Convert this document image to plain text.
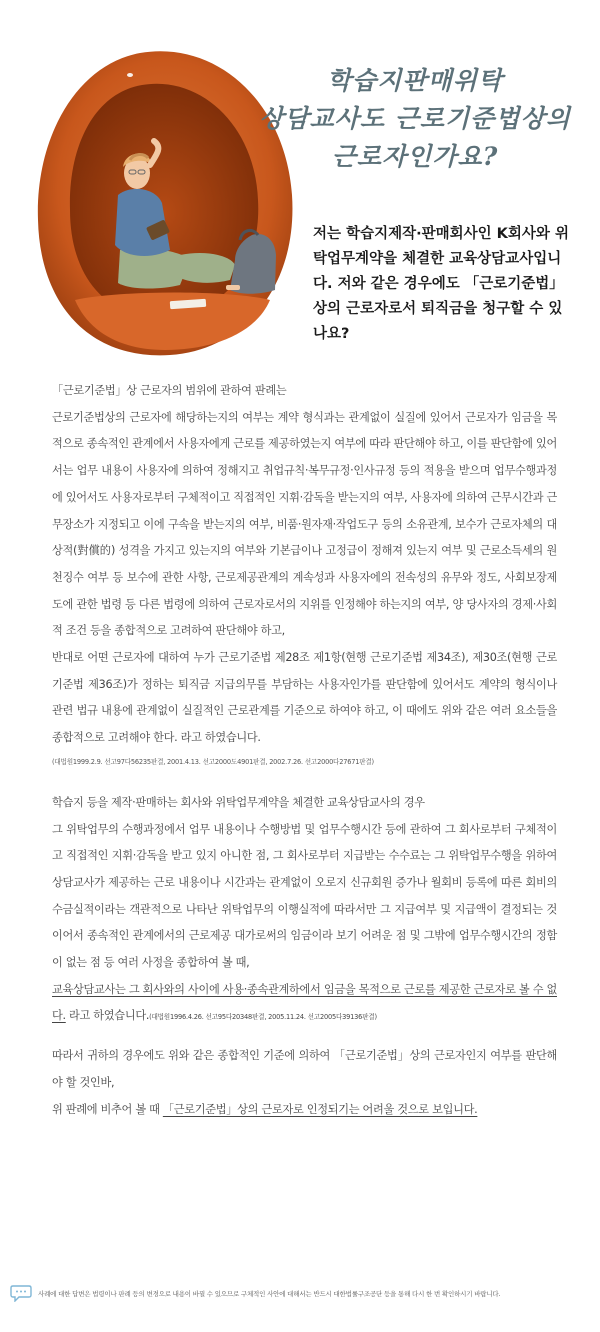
학습지판매위탁
상담교사도 근로기준법상의
근로자인가요?

저는 학습지제작·판매회사인 K회사와 위탁업무계약을 체결한 교육상담교사입니다. 저와 같은 경우에도 「근로기준법」상의 근로자로서 퇴직금을 청구할 수 있나요?

「근로기준법」상 근로자의 범위에 관하여 판례는

근로기준법상의 근로자에 해당하는지의 여부는 계약 형식과는 관계없이 실질에 있어서 근로자가 임금을 목적으로 종속적인 관계에서 사용자에게 근로를 제공하였는지 여부에 따라 판단해야 하고, 이를 판단함에 있어서는 업무 내용이 사용자에 의하여 정해지고 취업규칙·복무규정·인사규정 등의 적용을 받으며 업무수행과정에 있어서도 사용자로부터 구체적이고 직접적인 지휘·감독을 받는지의 여부, 사용자에 의하여 근무시간과 근무장소가 지정되고 이에 구속을 받는지의 여부, 비품·원자재·작업도구 등의 소유관계, 보수가 근로자체의 대상적(對償的) 성격을 가지고 있는지의 여부와 기본급이나 고정급이 정해져 있는지 여부 및 근로소득세의 원천징수 여부 등 보수에 관한 사항, 근로제공관계의 계속성과 사용자에의 전속성의 유무와 정도, 사회보장제도에 관한 법령 등 다른 법령에 의하여 근로자로서의 지위를 인정해야 하는지의 여부, 양 당사자의 경제·사회적 조건 등을 종합적으로 고려하여 판단해야 하고,

반대로 어떤 근로자에 대하여 누가 근로기준법 제28조 제1항(현행 근로기준법 제34조), 제30조(현행 근로기준법 제36조)가 정하는 퇴직금 지급의무를 부담하는 사용자인가를 판단함에 있어서도 계약의 형식이나 관련 법규 내용에 관계없이 실질적인 근로관계를 기준으로 하여야 하고, 이 때에도 위와 같은 여러 요소들을 종합적으로 고려해야 한다. 라고 하였습니다.

(대법원1999.2.9. 선고97다56235판결, 2001.4.13. 선고2000도4901판결, 2002.7.26. 선고2000다27671판결)

학습지 등을 제작·판매하는 회사와 위탁업무계약을 체결한 교육상담교사의 경우

그 위탁업무의 수행과정에서 업무 내용이나 수행방법 및 업무수행시간 등에 관하여 그 회사로부터 구체적이고 직접적인 지휘·감독을 받고 있지 아니한 점, 그 회사로부터 지급받는 수수료는 그 위탁업무수행을 위하여 상담교사가 제공하는 근로 내용이나 시간과는 관계없이 오로지 신규회원 증가나 월회비 등록에 따른 회비의 수금실적이라는 객관적으로 나타난 위탁업무의 이행실적에 따라서만 그 지급여부 및 지급액이 결정되는 것이어서 종속적인 관계에서의 근로제공 대가로써의 임금이라 보기 어려운 점 및 그밖에 업무수행시간의 정함이 없는 점 등 여러 사정을 종합하여 볼 때,

교육상담교사는 그 회사와의 사이에 사용·종속관계하에서 임금을 목적으로 근로를 제공한 근로자로 볼 수 없다. 라고 하였습니다.(대법원1996.4.26. 선고95다20348판결, 2005.11.24. 선고2005다39136판결)

따라서 귀하의 경우에도 위와 같은 종합적인 기준에 의하여 「근로기준법」상의 근로자인지 여부를 판단해야 할 것인바,

위 판례에 비추어 볼 때 「근로기준법」상의 근로자로 인정되기는 어려울 것으로 보입니다.

사례에 대한 답변은 법령이나 판례 등의 변경으로 내용이 바뀔 수 있으므로 구체적인 사안에 대해서는 반드시 대한법률구조공단 등을 통해 다시 한 번 확인하시기 바랍니다.
